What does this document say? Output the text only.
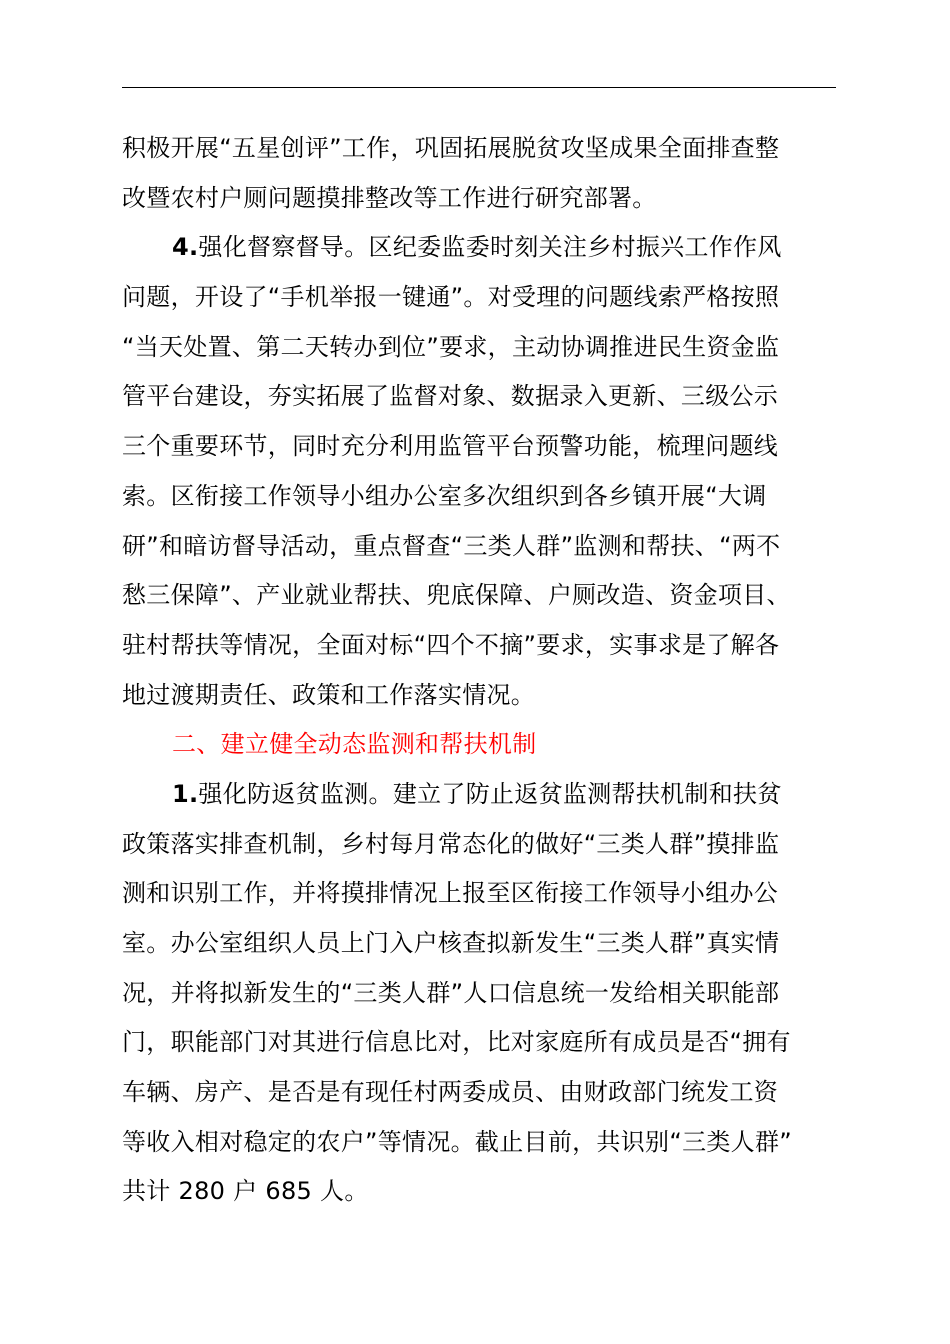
积极开展“五星创评”工作，巩固拓展脱贫攻坚成果全面排查整
改暨农村户厕问题摸排整改等工作进行研究部署。
4.强化督察督导。区纪委监委时刻关注乡村振兴工作作风
问题，开设了“手机举报一键通”。对受理的问题线索严格按照
“当天处置、第二天转办到位”要求，主动协调推进民生资金监
管平台建设，夯实拓展了监督对象、数据录入更新、三级公示
三个重要环节，同时充分利用监管平台预警功能，梳理问题线
索。区衔接工作领导小组办公室多次组织到各乡镇开展“大调
研”和暗访督导活动，重点督查“三类人群”监测和帮扶、“两不
愁三保障”、产业就业帮扶、兜底保障、户厕改造、资金项目、
驻村帮扶等情况，全面对标“四个不摘”要求，实事求是了解各
地过渡期责任、政策和工作落实情况。
二、建立健全动态监测和帮扶机制
1.强化防返贫监测。建立了防止返贫监测帮扶机制和扶贫
政策落实排查机制，乡村每月常态化的做好“三类人群”摸排监
测和识别工作，并将摸排情况上报至区衔接工作领导小组办公
室。办公室组织人员上门入户核查拟新发生“三类人群”真实情
况，并将拟新发生的“三类人群”人口信息统一发给相关职能部
门，职能部门对其进行信息比对，比对家庭所有成员是否“拥有
车辆、房产、是否是有现任村两委成员、由财政部门统发工资
等收入相对稳定的农户”等情况。截止目前，共识别“三类人群”
共计 280 户 685 人。
